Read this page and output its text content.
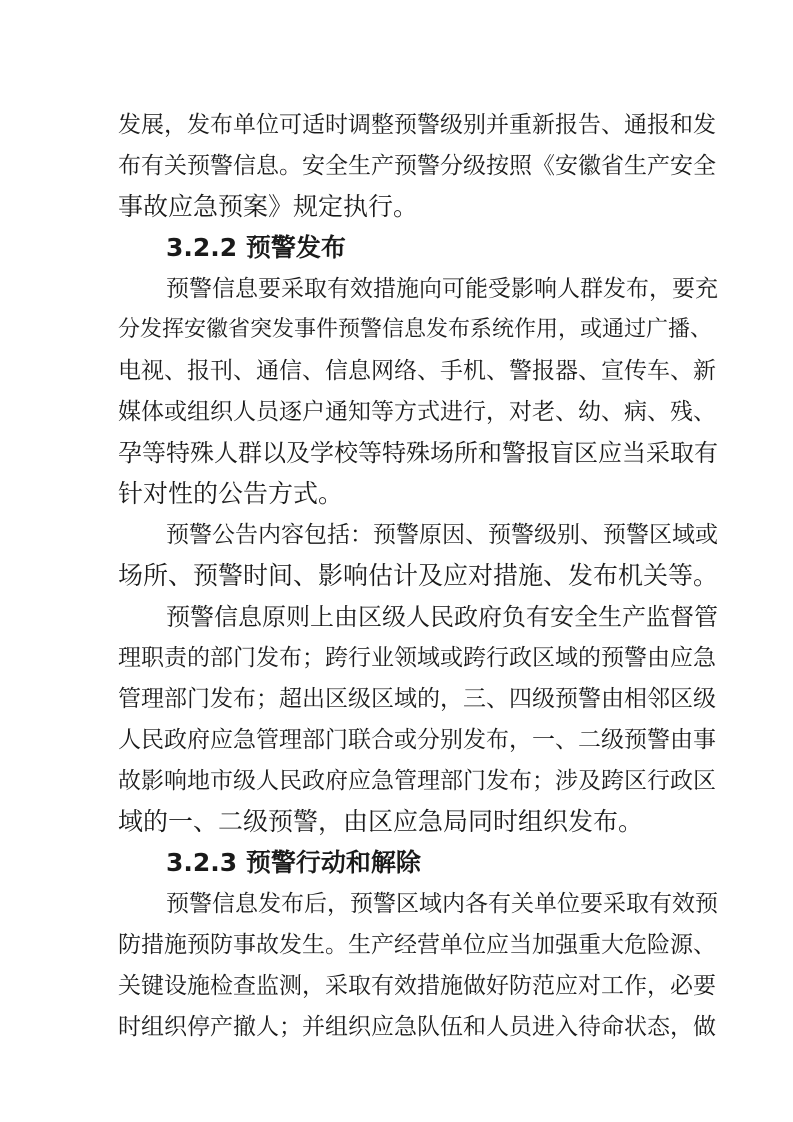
发展，发布单位可适时调整预警级别并重新报告、通报和发
布有关预警信息。安全生产预警分级按照《安徽省生产安全
事故应急预案》规定执行。
3.2.2 预警发布
预警信息要采取有效措施向可能受影响人群发布，要充
分发挥安徽省突发事件预警信息发布系统作用，或通过广播、
电视、报刊、通信、信息网络、手机、警报器、宣传车、新
媒体或组织人员逐户通知等方式进行，对老、幼、病、残、
孕等特殊人群以及学校等特殊场所和警报盲区应当采取有
针对性的公告方式。
预警公告内容包括：预警原因、预警级别、预警区域或
场所、预警时间、影响估计及应对措施、发布机关等。
预警信息原则上由区级人民政府负有安全生产监督管
理职责的部门发布；跨行业领域或跨行政区域的预警由应急
管理部门发布；超出区级区域的，三、四级预警由相邻区级
人民政府应急管理部门联合或分别发布，一、二级预警由事
故影响地市级人民政府应急管理部门发布；涉及跨区行政区
域的一、二级预警，由区应急局同时组织发布。
3.2.3 预警行动和解除
预警信息发布后，预警区域内各有关单位要采取有效预
防措施预防事故发生。生产经营单位应当加强重大危险源、
关键设施检查监测，采取有效措施做好防范应对工作，必要
时组织停产撤人；并组织应急队伍和人员进入待命状态，做
